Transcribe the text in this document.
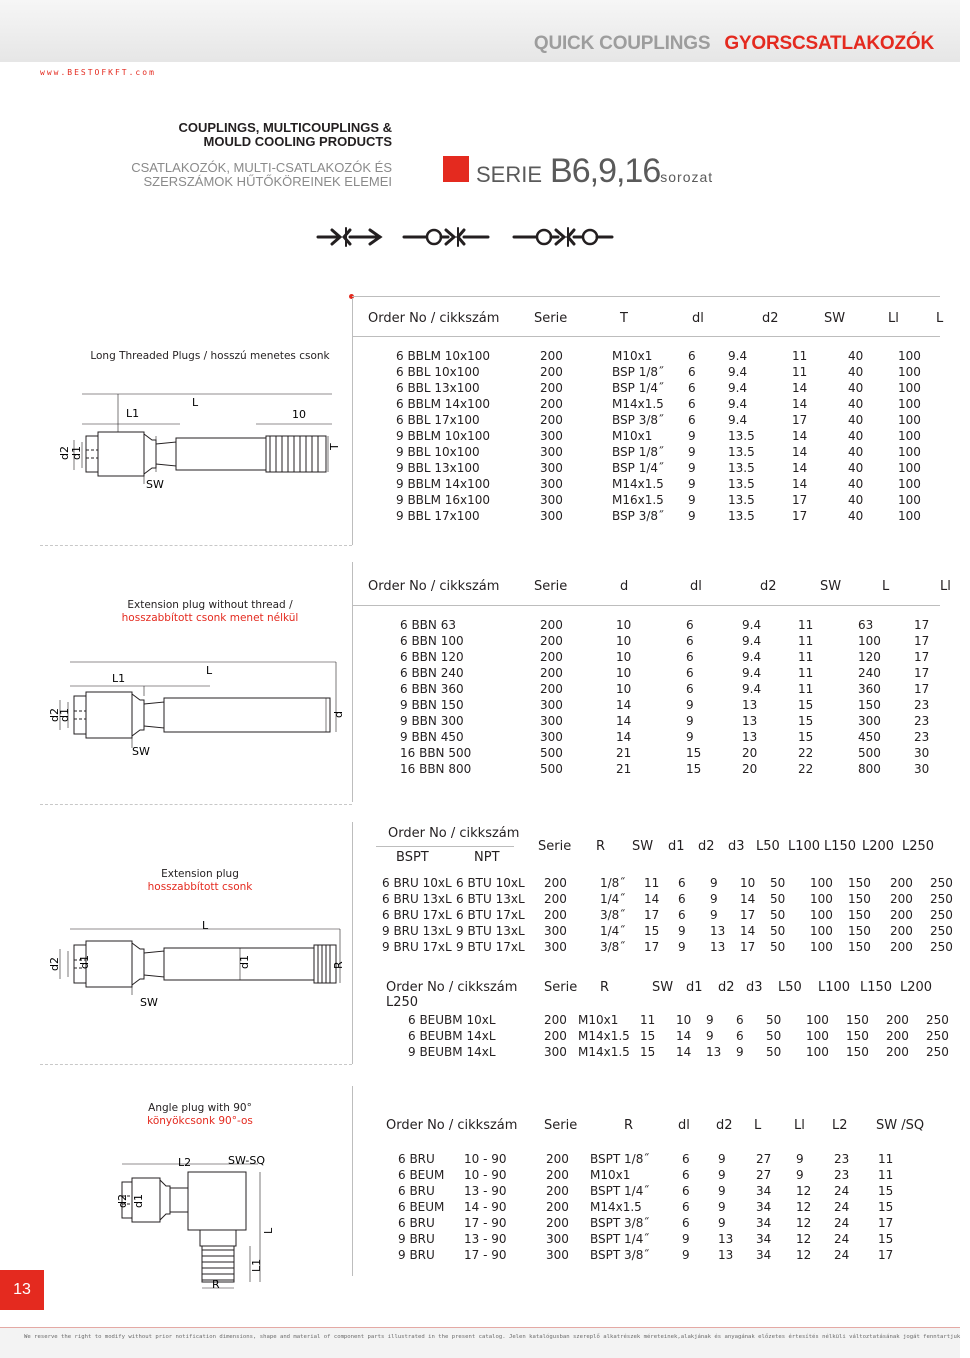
QUICK COUPLINGS GYORSCSATLAKOZÓK
www.BESTOFKFT.com
COUPLINGS, MULTICOUPLINGS &
MOULD COOLING PRODUCTS
CSATLAKOZÓK, MULTI-CSATLAKOZÓK ÉS
SZERSZÁMOK HŰTŐKÖREINEK ELEMEI	SERIE B6,9,16sorozat
Long Threaded Plugs / hosszú menetes csonk
Order No / cikkszám	Serie	T	dl	d2	SW	Ll	L
6 BBLM 10x100	200	M10x1	6	9.4	11	40	100
6 BBL 10x100	200	BSP 1/8˝	6	9.4	11	40	100
6 BBL 13x100	200	BSP 1/4˝	6	9.4	14	40	100
6 BBLM 14x100	200	M14x1.5	6	9.4	14	40	100
6 BBL 17x100	200	BSP 3/8˝	6	9.4	17	40	100
9 BBLM 10x100	300	M10x1	9	13.5	14	40	100
9 BBL 10x100	300	BSP 1/8˝	9	13.5	14	40	100
9 BBL 13x100	300	BSP 1/4˝	9	13.5	14	40	100
9 BBLM 14x100	300	M14x1.5	9	13.5	14	40	100
9 BBLM 16x100	300	M16x1.5	9	13.5	17	40	100
9 BBL 17x100	300	BSP 3/8˝	9	13.5	17	40	100
L
L1	10
d2 d1	T
SW
Extension plug without thread /
hosszabbított csonk menet nélkül
Order No / cikkszám	Serie	d	dl	d2	SW	L	Ll
6 BBN 63	200	10	6	9.4	11	63	17
6 BBN 100	200	10	6	9.4	11	100	17
6 BBN 120	200	10	6	9.4	11	120	17
6 BBN 240	200	10	6	9.4	11	240	17
6 BBN 360	200	10	6	9.4	11	360	17
9 BBN 150	300	14	9	13	15	150	23
9 BBN 300	300	14	9	13	15	300	23
9 BBN 450	300	14	9	13	15	450	23
16 BBN 500	500	21	15	20	22	500	30
16 BBN 800	500	21	15	20	22	800	30
L
L1
d2
d1	d
SW
Extension plug
hosszabbított csonk
Order No / cikkszám
BSPT	NPT
Serie	R	SW	d1	d2	d3 L50 L100 L150 L200 L250
6 BRU 10xL 6 BTU 10xL	200	1/8˝	11	6	9	10	50	100	150	200	250
6 BRU 13xL 6 BTU 13xL	200	1/4˝	14	6	9	14	50	100	150	200	250
6 BRU 17xL 6 BTU 17xL	200	3/8˝	17	6	9	17	50	100	150	200	250
9 BRU 13xL 9 BTU 13xL	300	1/4˝	15	9	13	14	50	100	150	200	250
9 BRU 17xL 9 BTU 17xL	300	3/8˝	17	9	13	17	50	100	150	200	250
Order No / cikkszám	Serie	R	SW d1	d2 d3	L50	L100 L150 L200
L250
6 BEUBM 10xL	200 M10x1	11	10	9	6	50	100	150	200	250
6 BEUBM 14xL	200 M14x1.5 15	14	9	6	50	100	150	200	250
9 BEUBM 14xL	300 M14x1.5 15	14	13	9	50	100	150	200	250
L
d2 d1	d1	R
SW
Angle plug with 90°
könyökcsonk 90°-os	Order No / cikkszám	Serie	R	dl	d2	L	Ll	L2	SW /SQ
6 BRU	10 - 90	200	BSPT 1/8˝	6	9	27	9	23	11
6 BEUM	10 - 90	200	M10x1	6	9	27	9	23	11
6 BRU	13 - 90	200	BSPT 1/4˝	6	9	34	12	24	15
6 BEUM	14 - 90	200	M14x1.5	6	9	34	12	24	15
6 BRU	17 - 90	200	BSPT 3/8˝	6	9	34	12	24	17
9 BRU	13 - 90	300	BSPT 1/4˝	9	13	34	12	24	15
9 BRU	17 - 90	300	BSPT 3/8˝	9	13	34	12	24	17
L2	SW-SQ
d2 d1
L
L1
R
13
We reserve the right to modify without prior notification dimensions, shape and material of component parts illustrated in the present catalog. Jelen katalógusban szereplő alkatrészek méreteinek,alakjának és anyagának előzetes értesítés nélküli változtatásának jogát fenntartjuk
